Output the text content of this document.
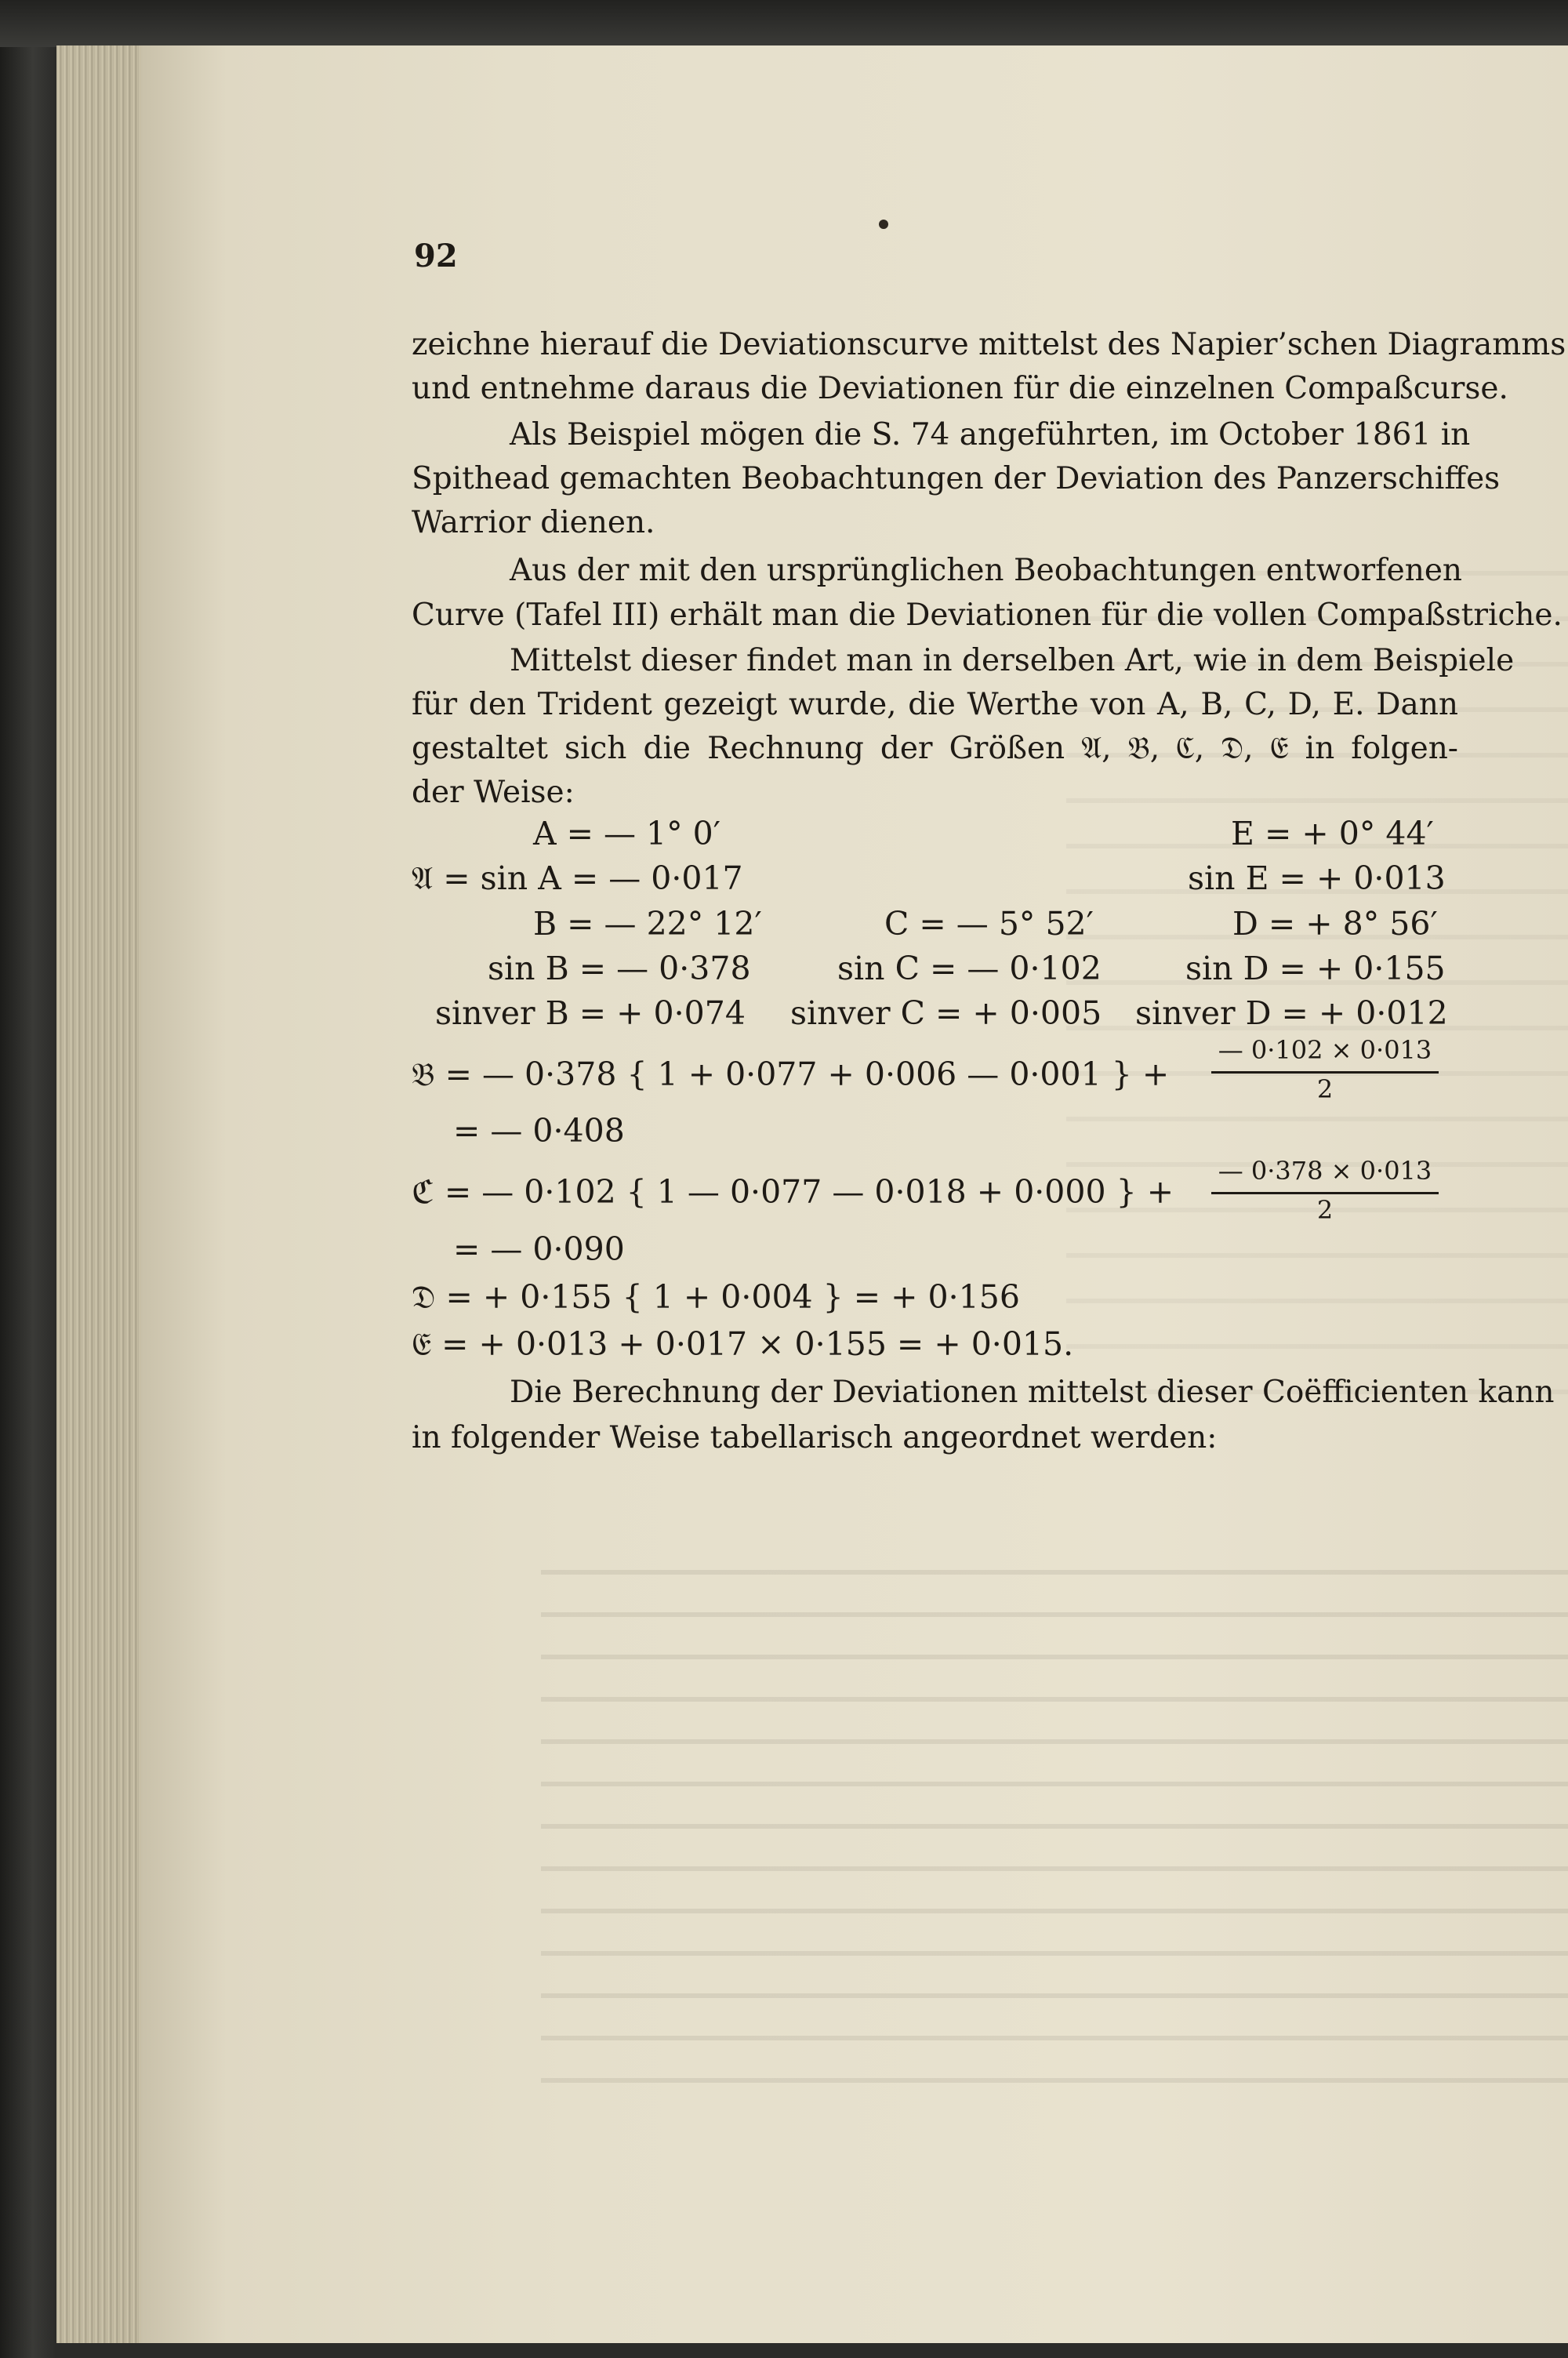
92
zeichne hierauf die Deviationscurve mittelst des Napier’schen Diagramms
und entnehme daraus die Deviationen für die einzelnen Compaßcurse.
Als Beispiel mögen die S. 74 angeführten, im October 1861 in
Spithead gemachten Beobachtungen der Deviation des Panzerschiffes
Warrior dienen.
Aus der mit den ursprünglichen Beobachtungen entworfenen
Curve (Tafel III) erhält man die Deviationen für die vollen Compaßstriche.
Mittelst dieser findet man in derselben Art, wie in dem Beispiele
für den Trident gezeigt wurde, die Werthe von A, B, C, D, E. Dann
gestaltet sich die Rechnung der Größen 𝔄, 𝔅, ℭ, 𝔇, 𝔈 in folgen-
der Weise:
A = — 1° 0′	E = + 0° 44′
𝔄 = sin A = — 0·017	sin E = + 0·013
B = — 22° 12′	C = — 5° 52′	D = + 8° 56′
sin B = — 0·378	sin C = — 0·102	sin D = + 0·155
sinver B = + 0·074 sinver C = + 0·005 sinver D = + 0·012
𝔅 = — 0·378 { 1 + 0·077 + 0·006 — 0·001 } +
— 0·102 × 0·013
2
= — 0·408
ℭ = — 0·102 { 1 — 0·077 — 0·018 + 0·000 } +
— 0·378 × 0·013
2
= — 0·090
𝔇 = + 0·155 { 1 + 0·004 } = + 0·156
𝔈 = + 0·013 + 0·017 × 0·155 = + 0·015.
Die Berechnung der Deviationen mittelst dieser Coëfficienten kann
in folgender Weise tabellarisch angeordnet werden:
